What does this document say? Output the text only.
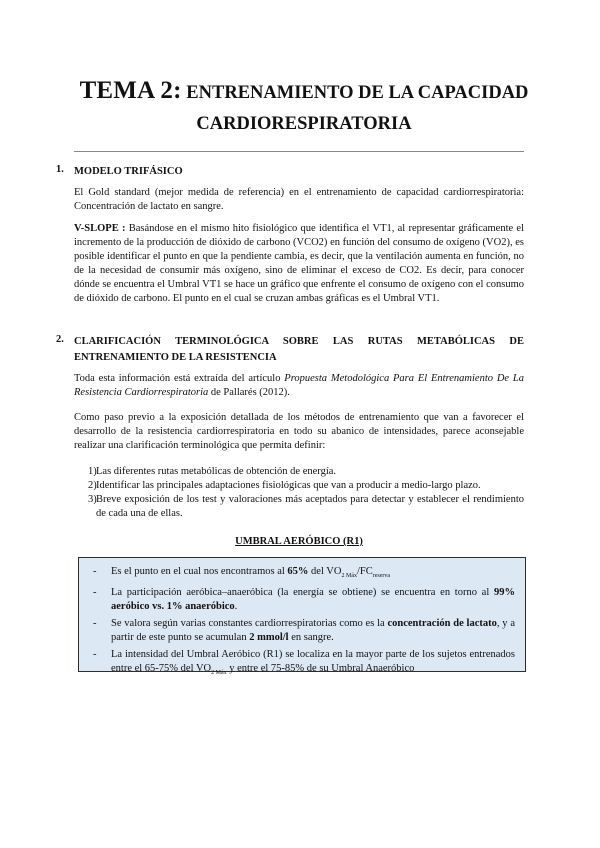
TEMA 2: ENTRENAMIENTO DE LA CAPACIDAD
CARDIORESPIRATORIA
1. MODELO TRIFÁSICO
El Gold standard (mejor medida de referencia) en el entrenamiento de capacidad cardiorrespiratoria: Concentración de lactato en sangre.
V-SLOPE : Basándose en el mismo hito fisiológico que identifica el VT1, al representar gráficamente el incremento de la producción de dióxido de carbono (VCO2) en función del consumo de oxígeno (VO2), es posible identificar el punto en que la pendiente cambia, es decir, que la ventilación aumenta en función, no de la necesidad de consumir más oxígeno, sino de eliminar el exceso de CO2. Es decir, para conocer dónde se encuentra el Umbral VT1 se hace un gráfico que enfrente el consumo de oxígeno con el consumo de dióxido de carbono. El punto en el cual se cruzan ambas gráficas es el Umbral VT1.
2. CLARIFICACIÓN TERMINOLÓGICA SOBRE LAS RUTAS METABÓLICAS DE ENTRENAMIENTO DE LA RESISTENCIA
Toda esta información está extraída del artículo Propuesta Metodológica Para El Entrenamiento De La Resistencia Cardiorrespiratoria de Pallarés (2012).
Como paso previo a la exposición detallada de los métodos de entrenamiento que van a favorecer el desarrollo de la resistencia cardiorrespiratoria en todo su abanico de intensidades, parece aconsejable realizar una clarificación terminológica que permita definir:
1) Las diferentes rutas metabólicas de obtención de energía.
2) Identificar las principales adaptaciones fisiológicas que van a producir a medio-largo plazo.
3) Breve exposición de los test y valoraciones más aceptados para detectar y establecer el rendimiento de cada una de ellas.
UMBRAL AERÓBICO (R1)
- Es el punto en el cual nos encontramos al 65% del $VO_{2 Máx}/FC_{reserva}$
- La participación aeróbica–anaeróbica (la energía se obtiene) se encuentra en torno al 99% aeróbico vs. 1% anaeróbico.
- Se valora según varias constantes cardiorrespiratorias como es la concentración de lactato, y a partir de este punto se acumulan 2 mmol/l en sangre.
- La intensidad del Umbral Aeróbico (R1) se localiza en la mayor parte de los sujetos entrenados entre el 65-75% del $VO_{2 Máx}$ y entre el 75-85% de su Umbral Anaeróbico
